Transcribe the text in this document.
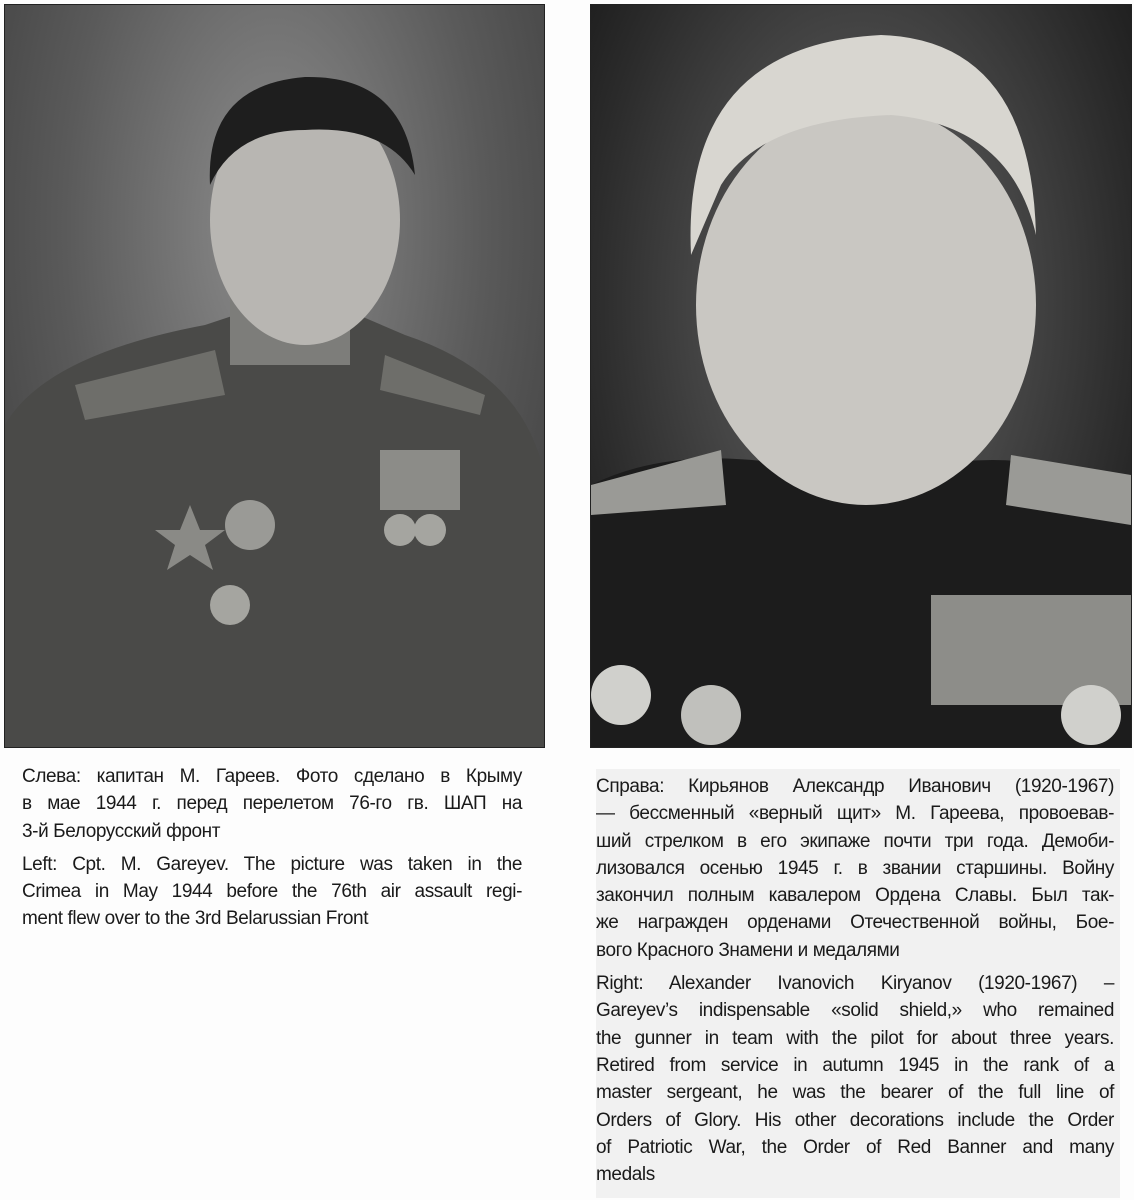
Слева: капитан М. Гареев. Фото сделано в Крыму
в мае 1944 г. перед перелетом 76-го гв. ШАП на
3-й Белорусский фронт
Left: Cpt. M. Gareyev. The picture was taken in the
Crimea in May 1944 before the 76th air assault regi-
ment flew over to the 3rd Belarussian Front
Справа: Кирьянов Александр Иванович (1920-1967)
— бессменный «верный щит» М. Гареева, провоевав-
ший стрелком в его экипаже почти три года. Демоби-
лизовался осенью 1945 г. в звании старшины. Войну
закончил полным кавалером Ордена Славы. Был так-
же награжден орденами Отечественной войны, Бое-
вого Красного Знамени и медалями
Right: Alexander Ivanovich Kiryanov (1920-1967) –
Gareyev’s indispensable «solid shield,» who remained
the gunner in team with the pilot for about three years.
Retired from service in autumn 1945 in the rank of a
master sergeant, he was the bearer of the full line of
Orders of Glory. His other decorations include the Order
of Patriotic War, the Order of Red Banner and many
medals
